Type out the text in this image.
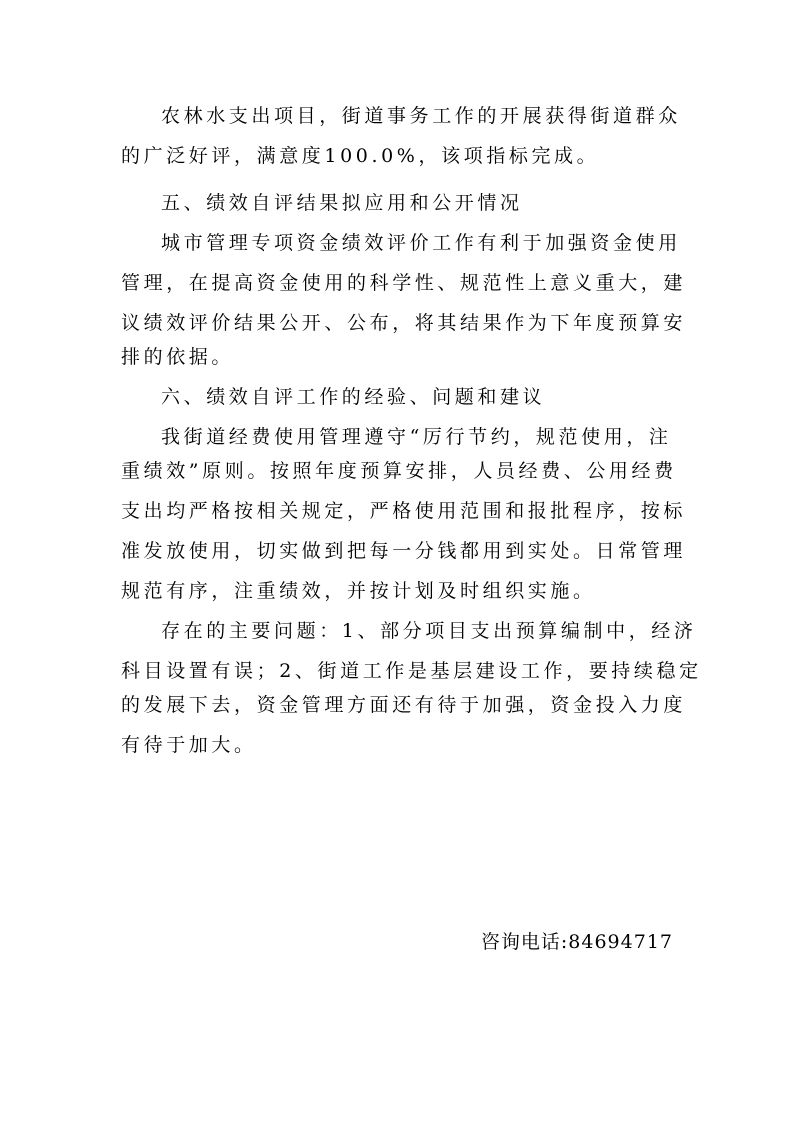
农林水支出项目，街道事务工作的开展获得街道群众
的广泛好评，满意度100.0%，该项指标完成。
五、绩效自评结果拟应用和公开情况
城市管理专项资金绩效评价工作有利于加强资金使用
管理，在提高资金使用的科学性、规范性上意义重大，建
议绩效评价结果公开、公布，将其结果作为下年度预算安
排的依据。
六、绩效自评工作的经验、问题和建议
我街道经费使用管理遵守“厉行节约，规范使用，注
重绩效”原则。按照年度预算安排，人员经费、公用经费
支出均严格按相关规定，严格使用范围和报批程序，按标
准发放使用，切实做到把每一分钱都用到实处。日常管理
规范有序，注重绩效，并按计划及时组织实施。
存在的主要问题：1、部分项目支出预算编制中，经济
科目设置有误；2、街道工作是基层建设工作，要持续稳定
的发展下去，资金管理方面还有待于加强，资金投入力度
有待于加大。
咨询电话:84694717
